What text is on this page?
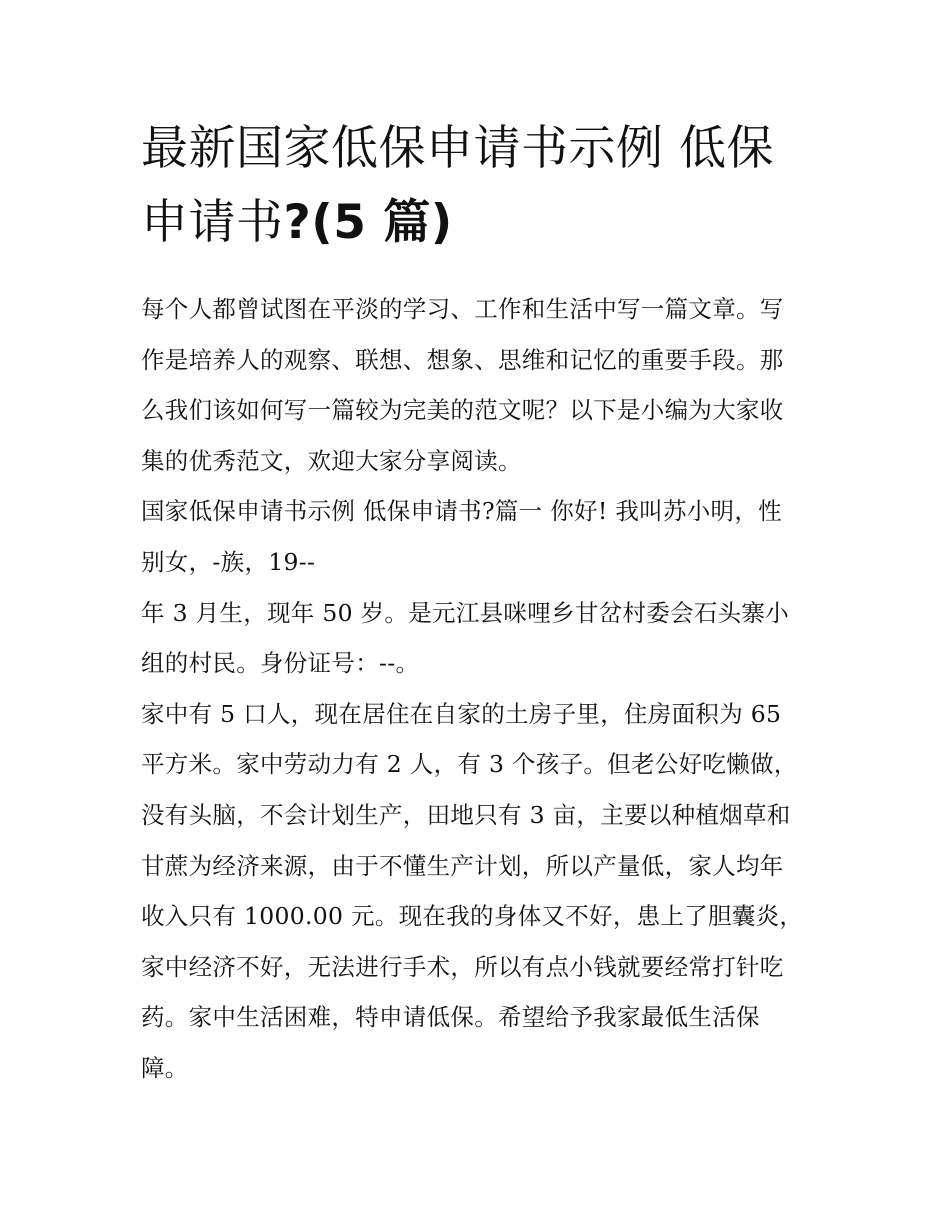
最新国家低保申请书示例 低保申请书?(5 篇)

每个人都曾试图在平淡的学习、工作和生活中写一篇文章。写

作是培养人的观察、联想、想象、思维和记忆的重要手段。那

么我们该如何写一篇较为完美的范文呢？以下是小编为大家收

集的优秀范文，欢迎大家分享阅读。

国家低保申请书示例 低保申请书?篇一 你好! 我叫苏小明，性

别女，-族，19--

年 3 月生，现年 50 岁。是元江县咪哩乡甘岔村委会石头寨小

组的村民。身份证号：--。

家中有 5 口人，现在居住在自家的土房子里，住房面积为 65

平方米。家中劳动力有 2 人，有 3 个孩子。但老公好吃懒做，

没有头脑，不会计划生产，田地只有 3 亩，主要以种植烟草和

甘蔗为经济来源，由于不懂生产计划，所以产量低，家人均年

收入只有 1000.00 元。现在我的身体又不好，患上了胆囊炎，

家中经济不好，无法进行手术，所以有点小钱就要经常打针吃

药。家中生活困难，特申请低保。希望给予我家最低生活保

障。
